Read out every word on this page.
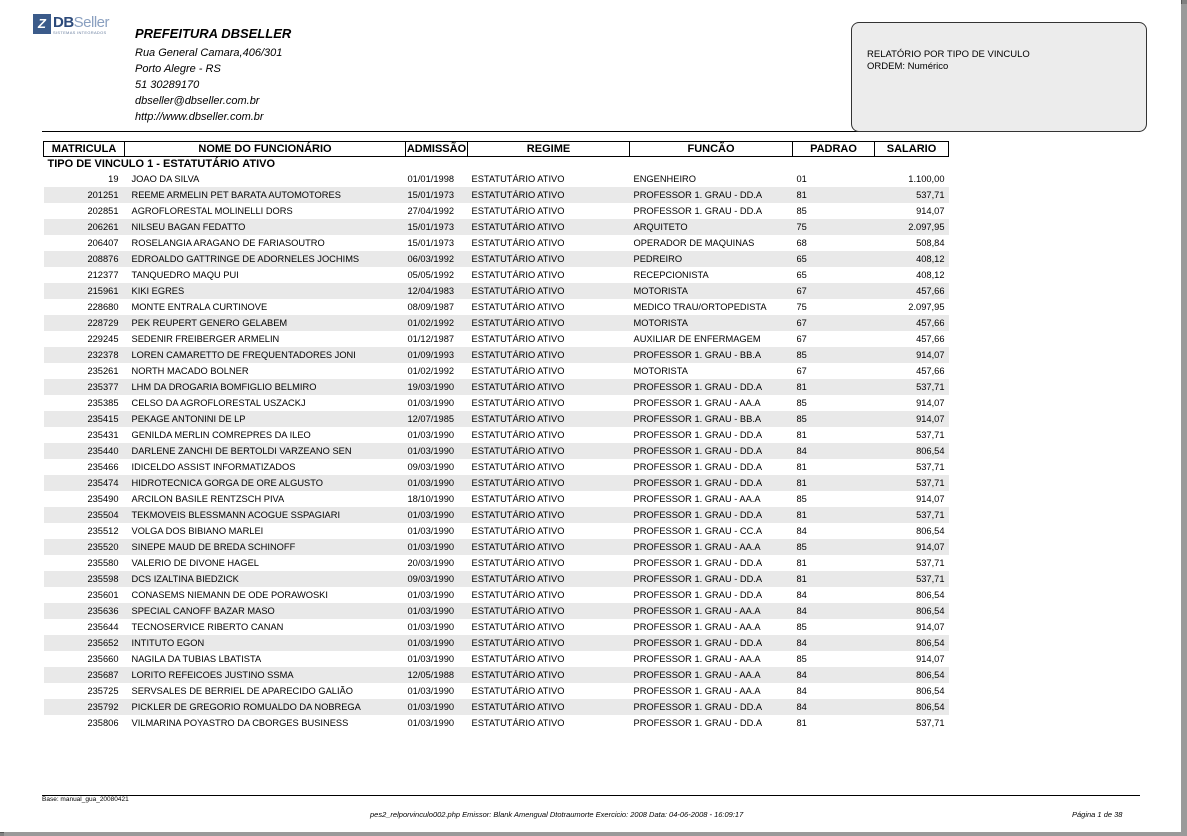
Z DBSeller
SISTEMAS INTEGRADOS PREFEITURA DBSELLER
Rua General Camara,406/301
Porto Alegre - RS
51 30289170
dbseller@dbseller.com.br
http://www.dbseller.com.br
RELATÓRIO POR TIPO DE VINCULO
ORDEM: Numérico
MATRICULA	NOME DO FUNCIONÁRIO	ADMISSÃO	REGIME	FUNCÃO	PADRAO	SALARIO
TIPO DE VINCULO 1 - ESTATUTÁRIO ATIVO						
19	JOAO DA SILVA	01/01/1998	ESTATUTÁRIO ATIVO	ENGENHEIRO	01	1.100,00
201251	REEME ARMELIN PET BARATA AUTOMOTORES	15/01/1973	ESTATUTÁRIO ATIVO	PROFESSOR 1. GRAU - DD.A	81	537,71
202851	AGROFLORESTAL MOLINELLI DORS	27/04/1992	ESTATUTÁRIO ATIVO	PROFESSOR 1. GRAU - DD.A	85	914,07
206261	NILSEU BAGAN FEDATTO	15/01/1973	ESTATUTÁRIO ATIVO	ARQUITETO	75	2.097,95
206407	ROSELANGIA ARAGANO DE FARIASOUTRO	15/01/1973	ESTATUTÁRIO ATIVO	OPERADOR DE MAQUINAS	68	508,84
208876	EDROALDO GATTRINGE DE ADORNELES JOCHIMS	06/03/1992	ESTATUTÁRIO ATIVO	PEDREIRO	65	408,12
212377	TANQUEDRO MAQU PUI	05/05/1992	ESTATUTÁRIO ATIVO	RECEPCIONISTA	65	408,12
215961	KIKI EGRES	12/04/1983	ESTATUTÁRIO ATIVO	MOTORISTA	67	457,66
228680	MONTE ENTRALA CURTINOVE	08/09/1987	ESTATUTÁRIO ATIVO	MEDICO TRAU/ORTOPEDISTA	75	2.097,95
228729	PEK REUPERT GENERO GELABEM	01/02/1992	ESTATUTÁRIO ATIVO	MOTORISTA	67	457,66
229245	SEDENIR FREIBERGER ARMELIN	01/12/1987	ESTATUTÁRIO ATIVO	AUXILIAR DE ENFERMAGEM	67	457,66
232378	LOREN CAMARETTO DE FREQUENTADORES JONI	01/09/1993	ESTATUTÁRIO ATIVO	PROFESSOR 1. GRAU - BB.A	85	914,07
235261	NORTH MACADO BOLNER	01/02/1992	ESTATUTÁRIO ATIVO	MOTORISTA	67	457,66
235377	LHM DA DROGARIA BOMFIGLIO BELMIRO	19/03/1990	ESTATUTÁRIO ATIVO	PROFESSOR 1. GRAU - DD.A	81	537,71
235385	CELSO DA AGROFLORESTAL USZACKJ	01/03/1990	ESTATUTÁRIO ATIVO	PROFESSOR 1. GRAU - AA.A	85	914,07
235415	PEKAGE ANTONINI DE LP	12/07/1985	ESTATUTÁRIO ATIVO	PROFESSOR 1. GRAU - BB.A	85	914,07
235431	GENILDA MERLIN COMREPRES DA ILEO	01/03/1990	ESTATUTÁRIO ATIVO	PROFESSOR 1. GRAU - DD.A	81	537,71
235440	DARLENE ZANCHI DE BERTOLDI VARZEANO SEN	01/03/1990	ESTATUTÁRIO ATIVO	PROFESSOR 1. GRAU - DD.A	84	806,54
235466	IDICELDO ASSIST INFORMATIZADOS	09/03/1990	ESTATUTÁRIO ATIVO	PROFESSOR 1. GRAU - DD.A	81	537,71
235474	HIDROTECNICA GORGA DE ORE ALGUSTO	01/03/1990	ESTATUTÁRIO ATIVO	PROFESSOR 1. GRAU - DD.A	81	537,71
235490	ARCILON BASILE RENTZSCH PIVA	18/10/1990	ESTATUTÁRIO ATIVO	PROFESSOR 1. GRAU - AA.A	85	914,07
235504	TEKMOVEIS BLESSMANN ACOGUE SSPAGIARI	01/03/1990	ESTATUTÁRIO ATIVO	PROFESSOR 1. GRAU - DD.A	81	537,71
235512	VOLGA DOS BIBIANO MARLEI	01/03/1990	ESTATUTÁRIO ATIVO	PROFESSOR 1. GRAU - CC.A	84	806,54
235520	SINEPE MAUD DE BREDA SCHINOFF	01/03/1990	ESTATUTÁRIO ATIVO	PROFESSOR 1. GRAU - AA.A	85	914,07
235580	VALERIO DE DIVONE HAGEL	20/03/1990	ESTATUTÁRIO ATIVO	PROFESSOR 1. GRAU - DD.A	81	537,71
235598	DCS IZALTINA BIEDZICK	09/03/1990	ESTATUTÁRIO ATIVO	PROFESSOR 1. GRAU - DD.A	81	537,71
235601	CONASEMS NIEMANN DE ODE PORAWOSKI	01/03/1990	ESTATUTÁRIO ATIVO	PROFESSOR 1. GRAU - DD.A	84	806,54
235636	SPECIAL CANOFF BAZAR MASO	01/03/1990	ESTATUTÁRIO ATIVO	PROFESSOR 1. GRAU - AA.A	84	806,54
235644	TECNOSERVICE RIBERTO CANAN	01/03/1990	ESTATUTÁRIO ATIVO	PROFESSOR 1. GRAU - AA.A	85	914,07
235652	INTITUTO EGON	01/03/1990	ESTATUTÁRIO ATIVO	PROFESSOR 1. GRAU - DD.A	84	806,54
235660	NAGILA DA TUBIAS LBATISTA	01/03/1990	ESTATUTÁRIO ATIVO	PROFESSOR 1. GRAU - AA.A	85	914,07
235687	LORITO REFEICOES JUSTINO SSMA	12/05/1988	ESTATUTÁRIO ATIVO	PROFESSOR 1. GRAU - AA.A	84	806,54
235725	SERVSALES DE BERRIEL DE APARECIDO GALIÃO	01/03/1990	ESTATUTÁRIO ATIVO	PROFESSOR 1. GRAU - AA.A	84	806,54
235792	PICKLER DE GREGORIO ROMUALDO DA NOBREGA	01/03/1990	ESTATUTÁRIO ATIVO	PROFESSOR 1. GRAU - DD.A	84	806,54
235806	VILMARINA POYASTRO DA CBORGES BUSINESS	01/03/1990	ESTATUTÁRIO ATIVO	PROFESSOR 1. GRAU - DD.A	81	537,71
Base: manual_gua_20080421
pes2_relporvinculo002.php Emissor: Blank Amengual Dtotraumorte Exercicio: 2008 Data: 04-06-2008 - 16:09:17	Página 1 de 38
